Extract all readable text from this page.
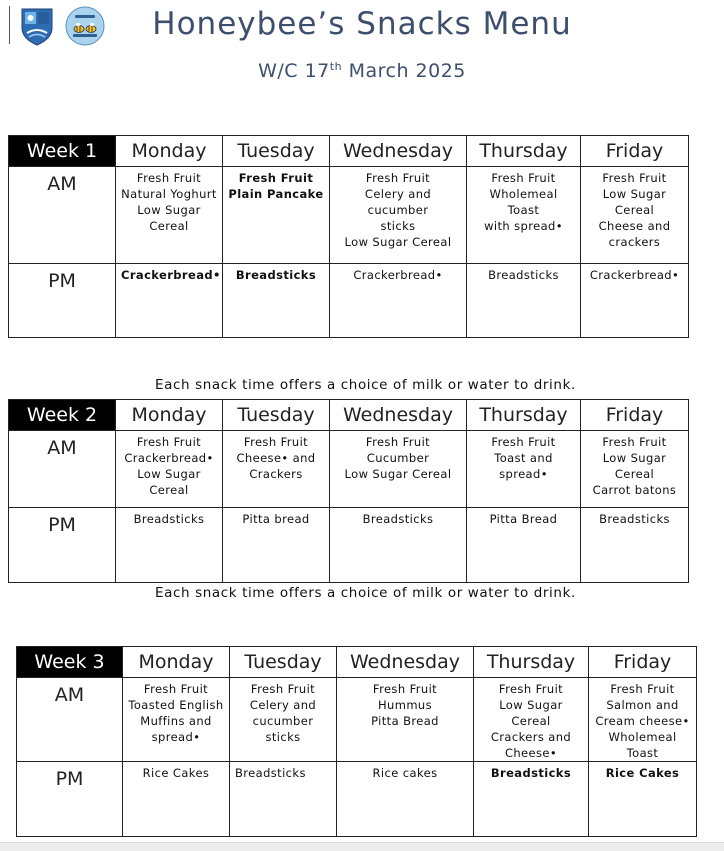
Honeybee’s Snacks Menu
W/C 17th March 2025
Week 1	Monday	Tuesday	Wednesday	Thursday	Friday
AM	Fresh Fruit
Natural Yoghurt
Low Sugar
Cereal	Fresh Fruit
Plain Pancake	Fresh Fruit
Celery and cucumber
sticks
Low Sugar Cereal	Fresh Fruit
Wholemeal Toast
with spread•	Fresh Fruit
Low Sugar
Cereal
Cheese and
crackers

PM	Crackerbread•	Breadsticks	Crackerbread•	Breadsticks	Crackerbread•
Each snack time offers a choice of milk or water to drink.
Week 2	Monday	Tuesday	Wednesday	Thursday	Friday
AM	Fresh Fruit
Crackerbread•
Low Sugar
Cereal	Fresh Fruit
Cheese• and
Crackers	Fresh Fruit
Cucumber
Low Sugar Cereal	Fresh Fruit
Toast and
spread•	Fresh Fruit
Low Sugar
Cereal
Carrot batons

PM	Breadsticks	Pitta bread	Breadsticks	Pitta Bread	Breadsticks
Each snack time offers a choice of milk or water to drink.
Week 3	Monday	Tuesday	Wednesday	Thursday	Friday
AM	Fresh Fruit
Toasted English
Muffins and
spread•	Fresh Fruit
Celery and
cucumber sticks	Fresh Fruit
Hummus
Pitta Bread	Fresh Fruit
Low Sugar
Cereal
Crackers and
Cheese•	Fresh Fruit
Salmon and
Cream cheese•
Wholemeal
Toast

PM	Rice Cakes	Breadsticks	Rice cakes	Breadsticks	Rice Cakes
